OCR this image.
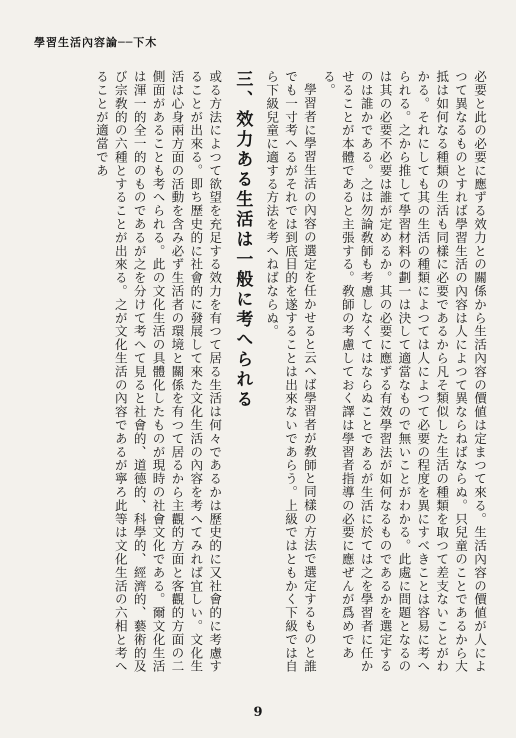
學習生活內容論──下木

必要と此の必要に應ずる效力との關係から生活內容の價値は定まつて來る。生活內容の價値が人によつて異なるものとすれば學習生活の內容は人によつて異ならねばならぬ。只兒童のことであるから大抵は如何なる種類の生活も同樣に必要であるから凡そ類似した生活の種類を取つて差支ないことがわかる。それにしても其の生活の種類によつては人によつて必要の程度を異にすべきことは容易に考へられる。之から推して學習材料の劃一は決して適當なもので無いことがわかる。此處に問題となるのは其の必要不必要は誰が定めるか。其の必要に應ずる有效學習法が如何なるものであるかを選定するのは誰かである。之は勿論敎師も考慮しなくてはならぬことであるが生活に於ては之を學習者に任かせることが本體であると主張する。敎師の考慮しておく譯は學習者指導の必要に應ぜんが爲めである。

學習者に學習生活の內容の選定を任かせると云へば學習者が敎師と同樣の方法で選定するものと誰でも一寸考へるがそれでは到底目的を遂することは出來ないであらう。上級ではともかく下級では自ら下級兒童に適する方法を考へねばならぬ。

三、效力ある生活は一般に考へられる

或る方法によつて欲望を充足する效力を有つて居る生活は何々であるかは歷史的に又社會的に考慮することが出來る。即ち歷史的に社會的に發展して來た文化生活の內容を考へてみれば宜しい。文化生活は心身兩方面の活動を含み必ず生活者の環境と關係を有つて居るから主觀的方面と客觀的方面の二側面があることも考へられる。此の文化生活の具體化したものが現時の社會文化である。爾文化生活は渾一的全一的のものであるが之を分けて考へて見ると社會的、道德的、科學的、經濟的、藝術的及び宗敎的の六種とすることが出來る。之が文化生活の內容であるが寧ろ此等は文化生活の六相と考へることが適當であ

9
